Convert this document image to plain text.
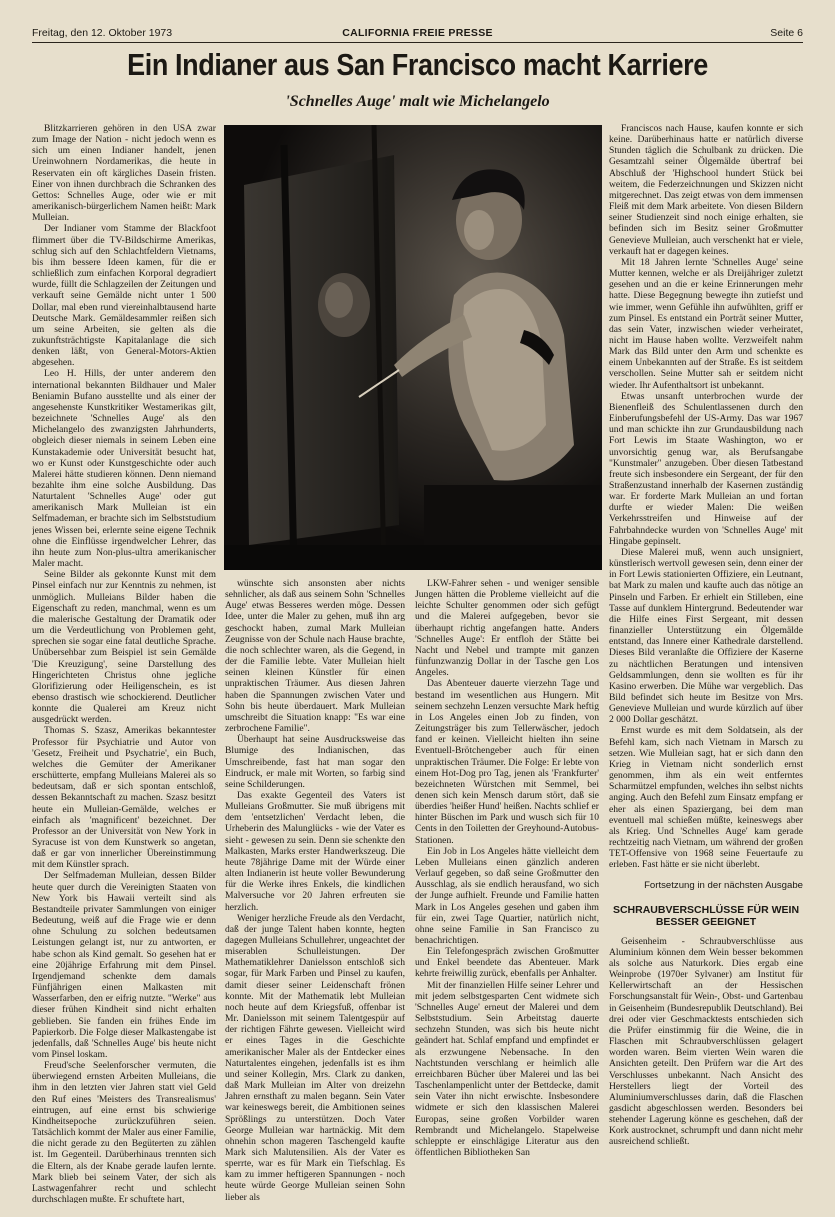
Freitag, den 12. Oktober 1973	CALIFORNIA FREIE PRESSE	Seite 6
Ein Indianer aus San Francisco macht Karriere
'Schnelles Auge' malt wie Michelangelo

Blitzkarrieren gehören in den USA zwar zum Image der Nation - nicht jedoch wenn es sich um einen Indianer handelt, jenen Ureinwohnern Nordamerikas, die heute in Reservaten ein oft kärgliches Dasein fristen. Einer von ihnen durchbrach die Schranken des Gettos: Schnelles Auge, oder wie er mit amerikanisch-bürgerlichem Namen heißt: Mark Mulleian.

Der Indianer vom Stamme der Blackfoot flimmert über die TV-Bildschirme Amerikas, schlug sich auf den Schlachtfeldern Vietnams, bis ihm bessere Ideen kamen, für die er schließlich zum einfachen Korporal degradiert wurde, füllt die Schlagzeilen der Zeitungen und verkauft seine Gemälde nicht unter 1 500 Dollar, mal eben rund viereinhalbtausend harte Deutsche Mark. Gemäldesammler reißen sich um seine Arbeiten, sie gelten als die zukunftsträchtigste Kapitalanlage die sich denken läßt, von General-Motors-Aktien abgesehen.

Leo H. Hills, der unter anderem den international bekannten Bildhauer und Maler Beniamin Bufano ausstellte und als einer der angesehenste Kunstkritiker Westamerikas gilt, bezeichnete 'Schnelles Auge' als den Michelangelo des zwanzigsten Jahrhunderts, obgleich dieser niemals in seinem Leben eine Kunstakademie oder Universität besucht hat, wo er Kunst oder Kunstgeschichte oder auch Malerei hätte studieren können. Denn niemand bezahlte ihm eine solche Ausbildung. Das Naturtalent 'Schnelles Auge' oder gut amerikanisch Mark Mulleian ist ein Selfmademan, er brachte sich im Selbststudium jenes Wissen bei, erlernte seine eigene Technik ohne die Einflüsse irgendwelcher Lehrer, das ihn heute zum Non-plus-ultra amerikanischer Maler macht.

Seine Bilder als gekonnte Kunst mit dem Pinsel einfach nur zur Kenntnis zu nehmen, ist unmöglich. Mulleians Bilder haben die Eigenschaft zu reden, manchmal, wenn es um die malerische Gestaltung der Dramatik oder um die Verdeutlichung von Problemen geht, sprechen sie sogar eine fatal deutliche Sprache. Unübersehbar zum Beispiel ist sein Gemälde 'Die Kreuzigung', seine Darstellung des Hingerichteten Christus ohne jegliche Glorifizierung oder Heiligenschein, es ist ebenso drastisch wie schockierend. Deutlicher konnte die Qualerei am Kreuz nicht ausgedrückt werden.

Thomas S. Szasz, Amerikas bekanntester Professor für Psychiatrie und Autor von 'Gesetz, Freiheit und Psychatrie', ein Buch, welches die Gemüter der Amerikaner erschütterte, empfang Mulleians Malerei als so bedeutsam, daß er sich spontan entschloß, dessen Bekanntschaft zu machen. Szasz besitzt heute ein Mulleian-Gemälde, welches er einfach als 'magnificent' bezeichnet. Der Professor an der Universität von New York in Syracuse ist von dem Kunstwerk so angetan, daß er gar von innerlicher Übereinstimmung mit dem Künstler sprach.

Der Selfmademan Mulleian, dessen Bilder heute quer durch die Vereinigten Staaten von New York bis Hawaii verteilt sind als Bestandteile privater Sammlungen von einiger Bedeutung, weiß auf die Frage wie er denn ohne Schulung zu solchen bedeutsamen Leistungen gelangt ist, nur zu antworten, er habe schon als Kind gemalt. So gesehen hat er eine 20jährige Erfahrung mit dem Pinsel. Irgendjemand schenkte dem damals Fünfjährigen einen Malkasten mit Wasserfarben, den er eifrig nutzte. "Werke" aus dieser frühen Kindheit sind nicht erhalten geblieben. Sie fanden ein frühes Ende im Papierkorb. Die Folge dieser Malkastengabe ist jedenfalls, daß 'Schnelles Auge' bis heute nicht vom Pinsel loskam.

Freud'sche Seelenforscher vermuten, die überwiegend ernsten Arbeiten Mulleians, die ihm in den letzten vier Jahren statt viel Geld den Ruf eines 'Meisters des Transrealismus' eintrugen, auf eine ernst bis schwierige Kindheitsepoche zurückzuführen seien. Tatsächlich kommt der Maler aus einer Familie, die nicht gerade zu den Begüterten zu zählen ist. Im Gegenteil. Darüberhinaus trennten sich die Eltern, als der Knabe gerade laufen lernte. Mark blieb bei seinem Vater, der sich als Lastwagenfahrer recht und schlecht durchschlagen mußte. Er schuftete hart,

wünschte sich ansonsten aber nichts sehnlicher, als daß aus seinem Sohn 'Schnelles Auge' etwas Besseres werden möge. Dessen Idee, unter die Maler zu gehen, muß ihn arg geschockt haben, zumal Mark Mulleian Zeugnisse von der Schule nach Hause brachte, die noch schlechter waren, als die Gegend, in der die Familie lebte. Vater Mulleian hielt seinen kleinen Künstler für einen unpraktischen Träumer. Aus diesen Jahren haben die Spannungen zwischen Vater und Sohn bis heute überdauert. Mark Mulleian umschreibt die Situation knapp: "Es war eine zerbrochene Familie".

Überhaupt hat seine Ausdrucksweise das Blumige des Indianischen, das Umschreibende, fast hat man sogar den Eindruck, er male mit Worten, so farbig sind seine Schilderungen.

Das exakte Gegenteil des Vaters ist Mulleians Großmutter. Sie muß übrigens mit dem 'entsetzlichen' Verdacht leben, die Urheberin des Malunglücks - wie der Vater es sieht - gewesen zu sein. Denn sie schenkte den Malkasten, Marks erster Handwerkszeug. Die heute 78jährige Dame mit der Würde einer alten Indianerin ist heute voller Bewunderung für die Werke ihres Enkels, die kindlichen Malversuche vor 20 Jahren erfreuten sie herzlich.

Weniger herzliche Freude als den Verdacht, daß der junge Talent haben konnte, hegten dagegen Mulleians Schullehrer, ungeachtet der miserablen Schulleistungen. Der Mathematiklehrer Danielsson entschloß sich sogar, für Mark Farben und Pinsel zu kaufen, damit dieser seiner Leidenschaft frönen konnte. Mit der Mathematik lebt Mulleian noch heute auf dem Kriegsfuß, offenbar ist Mr. Danielsson mit seinem Talentgespür auf der richtigen Fährte gewesen. Vielleicht wird er eines Tages in die Geschichte amerikanischer Maler als der Entdecker eines Naturtalentes eingehen, jedenfalls ist es ihm und seiner Kollegin, Mrs. Clark zu danken, daß Mark Mulleian im Alter von dreizehn Jahren ernsthaft zu malen begann. Sein Vater war keineswegs bereit, die Ambitionen seines Sprößlings zu unterstützen. Doch Vater George Mulleian war hartnäckig. Mit dem ohnehin schon mageren Taschengeld kaufte Mark sich Malutensilien. Als der Vater es sperrte, war es für Mark ein Tiefschlag. Es kam zu immer heftigeren Spannungen - noch heute würde George Mulleian seinen Sohn lieber als

LKW-Fahrer sehen - und weniger sensible Jungen hätten die Probleme vielleicht auf die leichte Schulter genommen oder sich gefügt und die Malerei aufgegeben, bevor sie überhaupt richtig angefangen hatte. Anders 'Schnelles Auge': Er entfloh der Stätte bei Nacht und Nebel und trampte mit ganzen fünfunzwanzig Dollar in der Tasche gen Los Angeles.

Das Abenteuer dauerte vierzehn Tage und bestand im wesentlichen aus Hungern. Mit seinem sechzehn Lenzen versuchte Mark heftig in Los Angeles einen Job zu finden, von Zeitungsträger bis zum Tellerwäscher, jedoch fand er keinen. Vielleicht hielten ihn seine Eventuell-Brötchengeber auch für einen unpraktischen Träumer. Die Folge: Er lebte von einem Hot-Dog pro Tag, jenen als 'Frankfurter' bezeichneten Würstchen mit Semmel, bei denen sich kein Mensch darum stört, daß sie überdies 'heißer Hund' heißen. Nachts schlief er hinter Büschen im Park und wusch sich für 10 Cents in den Toiletten der Greyhound-Autobus-Stationen.

Ein Job in Los Angeles hätte vielleicht dem Leben Mulleians einen gänzlich anderen Verlauf gegeben, so daß seine Großmutter den Ausschlag, als sie endlich herausfand, wo sich der Junge aufhielt. Freunde und Familie hatten Mark in Los Angeles gesehen und gaben ihm für ein, zwei Tage Quartier, natürlich nicht, ohne seine Familie in San Francisco zu benachrichtigen.

Ein Telefongespräch zwischen Großmutter und Enkel beendete das Abenteuer. Mark kehrte freiwillig zurück, ebenfalls per Anhalter.

Mit der finanziellen Hilfe seiner Lehrer und mit jedem selbstgesparten Cent widmete sich 'Schnelles Auge' erneut der Malerei und dem Selbststudium. Sein Arbeitstag dauerte sechzehn Stunden, was sich bis heute nicht geändert hat. Schlaf empfand und empfindet er als erzwungene Nebensache. In den Nachtstunden verschlang er heimlich alle erreichbaren Bücher über Malerei und las bei Taschenlampenlicht unter der Bettdecke, damit sein Vater ihn nicht erwischte. Insbesondere widmete er sich den klassischen Malerei Europas, seine großen Vorbilder waren Rembrandt und Michelangelo. Stapelweise schleppte er einschlägige Literatur aus den öffentlichen Bibliotheken San

Franciscos nach Hause, kaufen konnte er sich keine. Darüberhinaus hatte er natürlich diverse Stunden täglich die Schulbank zu drücken. Die Gesamtzahl seiner Ölgemälde übertraf bei Abschluß der 'Highschool hundert Stück bei weitem, die Federzeichnungen und Skizzen nicht mitgerechnet. Das zeigt etwas von dem immensen Fleiß mit dem Mark arbeitete. Von diesen Bildern seiner Studienzeit sind noch einige erhalten, sie befinden sich im Besitz seiner Großmutter Genevieve Mulleian, auch verschenkt hat er viele, verkauft hat er dagegen keines.

Mit 18 Jahren lernte 'Schnelles Auge' seine Mutter kennen, welche er als Dreijähriger zuletzt gesehen und an die er keine Erinnerungen mehr hatte. Diese Begegnung bewegte ihn zutiefst und wie immer, wenn Gefühle ihn aufwühlten, griff er zum Pinsel. Es entstand ein Porträt seiner Mutter, das sein Vater, inzwischen wieder verheiratet, nicht im Hause haben wollte. Verzweifelt nahm Mark das Bild unter den Arm und schenkte es einem Unbekannten auf der Straße. Es ist seitdem verschollen. Seine Mutter sah er seitdem nicht wieder. Ihr Aufenthaltsort ist unbekannt.

Etwas unsanft unterbrochen wurde der Bienenfleiß des Schulentlassenen durch den Einberufungsbefehl der US-Army. Das war 1967 und man schickte ihn zur Grundausbildung nach Fort Lewis im Staate Washington, wo er unvorsichtig genug war, als Berufsangabe "Kunstmaler" anzugeben. Über diesen Tatbestand freute sich insbesondere ein Sergeant, der für den Straßenzustand innerhalb der Kasernen zuständig war. Er forderte Mark Mulleian an und fortan durfte er wieder Malen: Die weißen Verkehrsstreifen und Hinweise auf der Fahrbahndecke wurden von 'Schnelles Auge' mit Hingabe gepinselt.

Diese Malerei muß, wenn auch unsigniert, künstlerisch wertvoll gewesen sein, denn einer der in Fort Lewis stationierten Offiziere, ein Leutnant, bat Mark zu malen und kaufte auch das nötige an Pinseln und Farben. Er erhielt ein Stilleben, eine Tasse auf dunklem Hintergrund. Bedeutender war die Hilfe eines First Sergeant, mit dessen finanzieller Unterstützung ein Ölgemälde entstand, das Innere einer Kathedrale darstellend. Dieses Bild veranlaßte die Offiziere der Kaserne zu nächtlichen Beratungen und intensiven Geldsammlungen, denn sie wollten es für ihr Kasino erwerben. Die Mühe war vergeblich. Das Bild befindet sich heute im Besitze von Mrs. Genevieve Mulleian und wurde kürzlich auf über 2 000 Dollar geschätzt.

Ernst wurde es mit dem Soldatsein, als der Befehl kam, sich nach Vietnam in Marsch zu setzen. Wie Mulleian sagt, hat er sich dann den Krieg in Vietnam nicht sonderlich ernst genommen, ihm als ein weit entferntes Scharmützel empfunden, welches ihn selbst nichts anging. Auch den Befehl zum Einsatz empfang er eher als einen Spaziergang, bei dem man eventuell mal schießen müßte, keineswegs aber als Krieg. Und 'Schnelles Auge' kam gerade rechtzeitig nach Vietnam, um während der großen TET-Offensive von 1968 seine Feuertaufe zu erleben. Fast hätte er sie nicht überlebt.

Fortsetzung in der nächsten Ausgabe
SCHRAUBVERSCHLÜSSE FÜR WEIN BESSER GEEIGNET

Geisenheim - Schraubverschlüsse aus Aluminium können dem Wein besser bekommen als solche aus Naturkork. Dies ergab eine Weinprobe (1970er Sylvaner) am Institut für Kellerwirtschaft an der Hessischen Forschungsanstalt für Wein-, Obst- und Gartenbau in Geisenheim (Bundesrepublik Deutschland). Bei drei oder vier Geschmacktests entschieden sich die Prüfer einstimmig für die Weine, die in Flaschen mit Schraubverschlüssen gelagert worden waren. Beim vierten Wein waren die Ansichten geteilt. Den Prüfern war die Art des Verschlusses unbekannt. Nach Ansicht des Herstellers liegt der Vorteil des Aluminiumverschlusses darin, daß die Flaschen gasdicht abgeschlossen werden. Besonders bei stehender Lagerung könne es geschehen, daß der Kork austrocknet, schrumpft und dann nicht mehr ausreichend schließt.
